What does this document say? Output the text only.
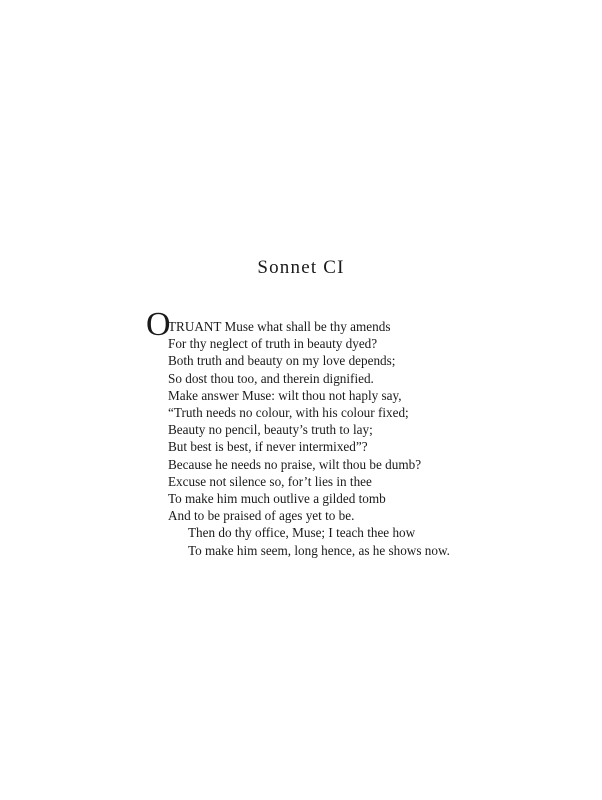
Sonnet CI
O
TRUANT Muse what shall be thy amends
For thy neglect of truth in beauty dyed?
Both truth and beauty on my love depends;
So dost thou too, and therein dignified.
Make answer Muse: wilt thou not haply say,
“Truth needs no colour, with his colour fixed;
Beauty no pencil, beauty’s truth to lay;
But best is best, if never intermixed”?
Because he needs no praise, wilt thou be dumb?
Excuse not silence so, for’t lies in thee
To make him much outlive a gilded tomb
And to be praised of ages yet to be.
Then do thy office, Muse; I teach thee how
To make him seem, long hence, as he shows now.
